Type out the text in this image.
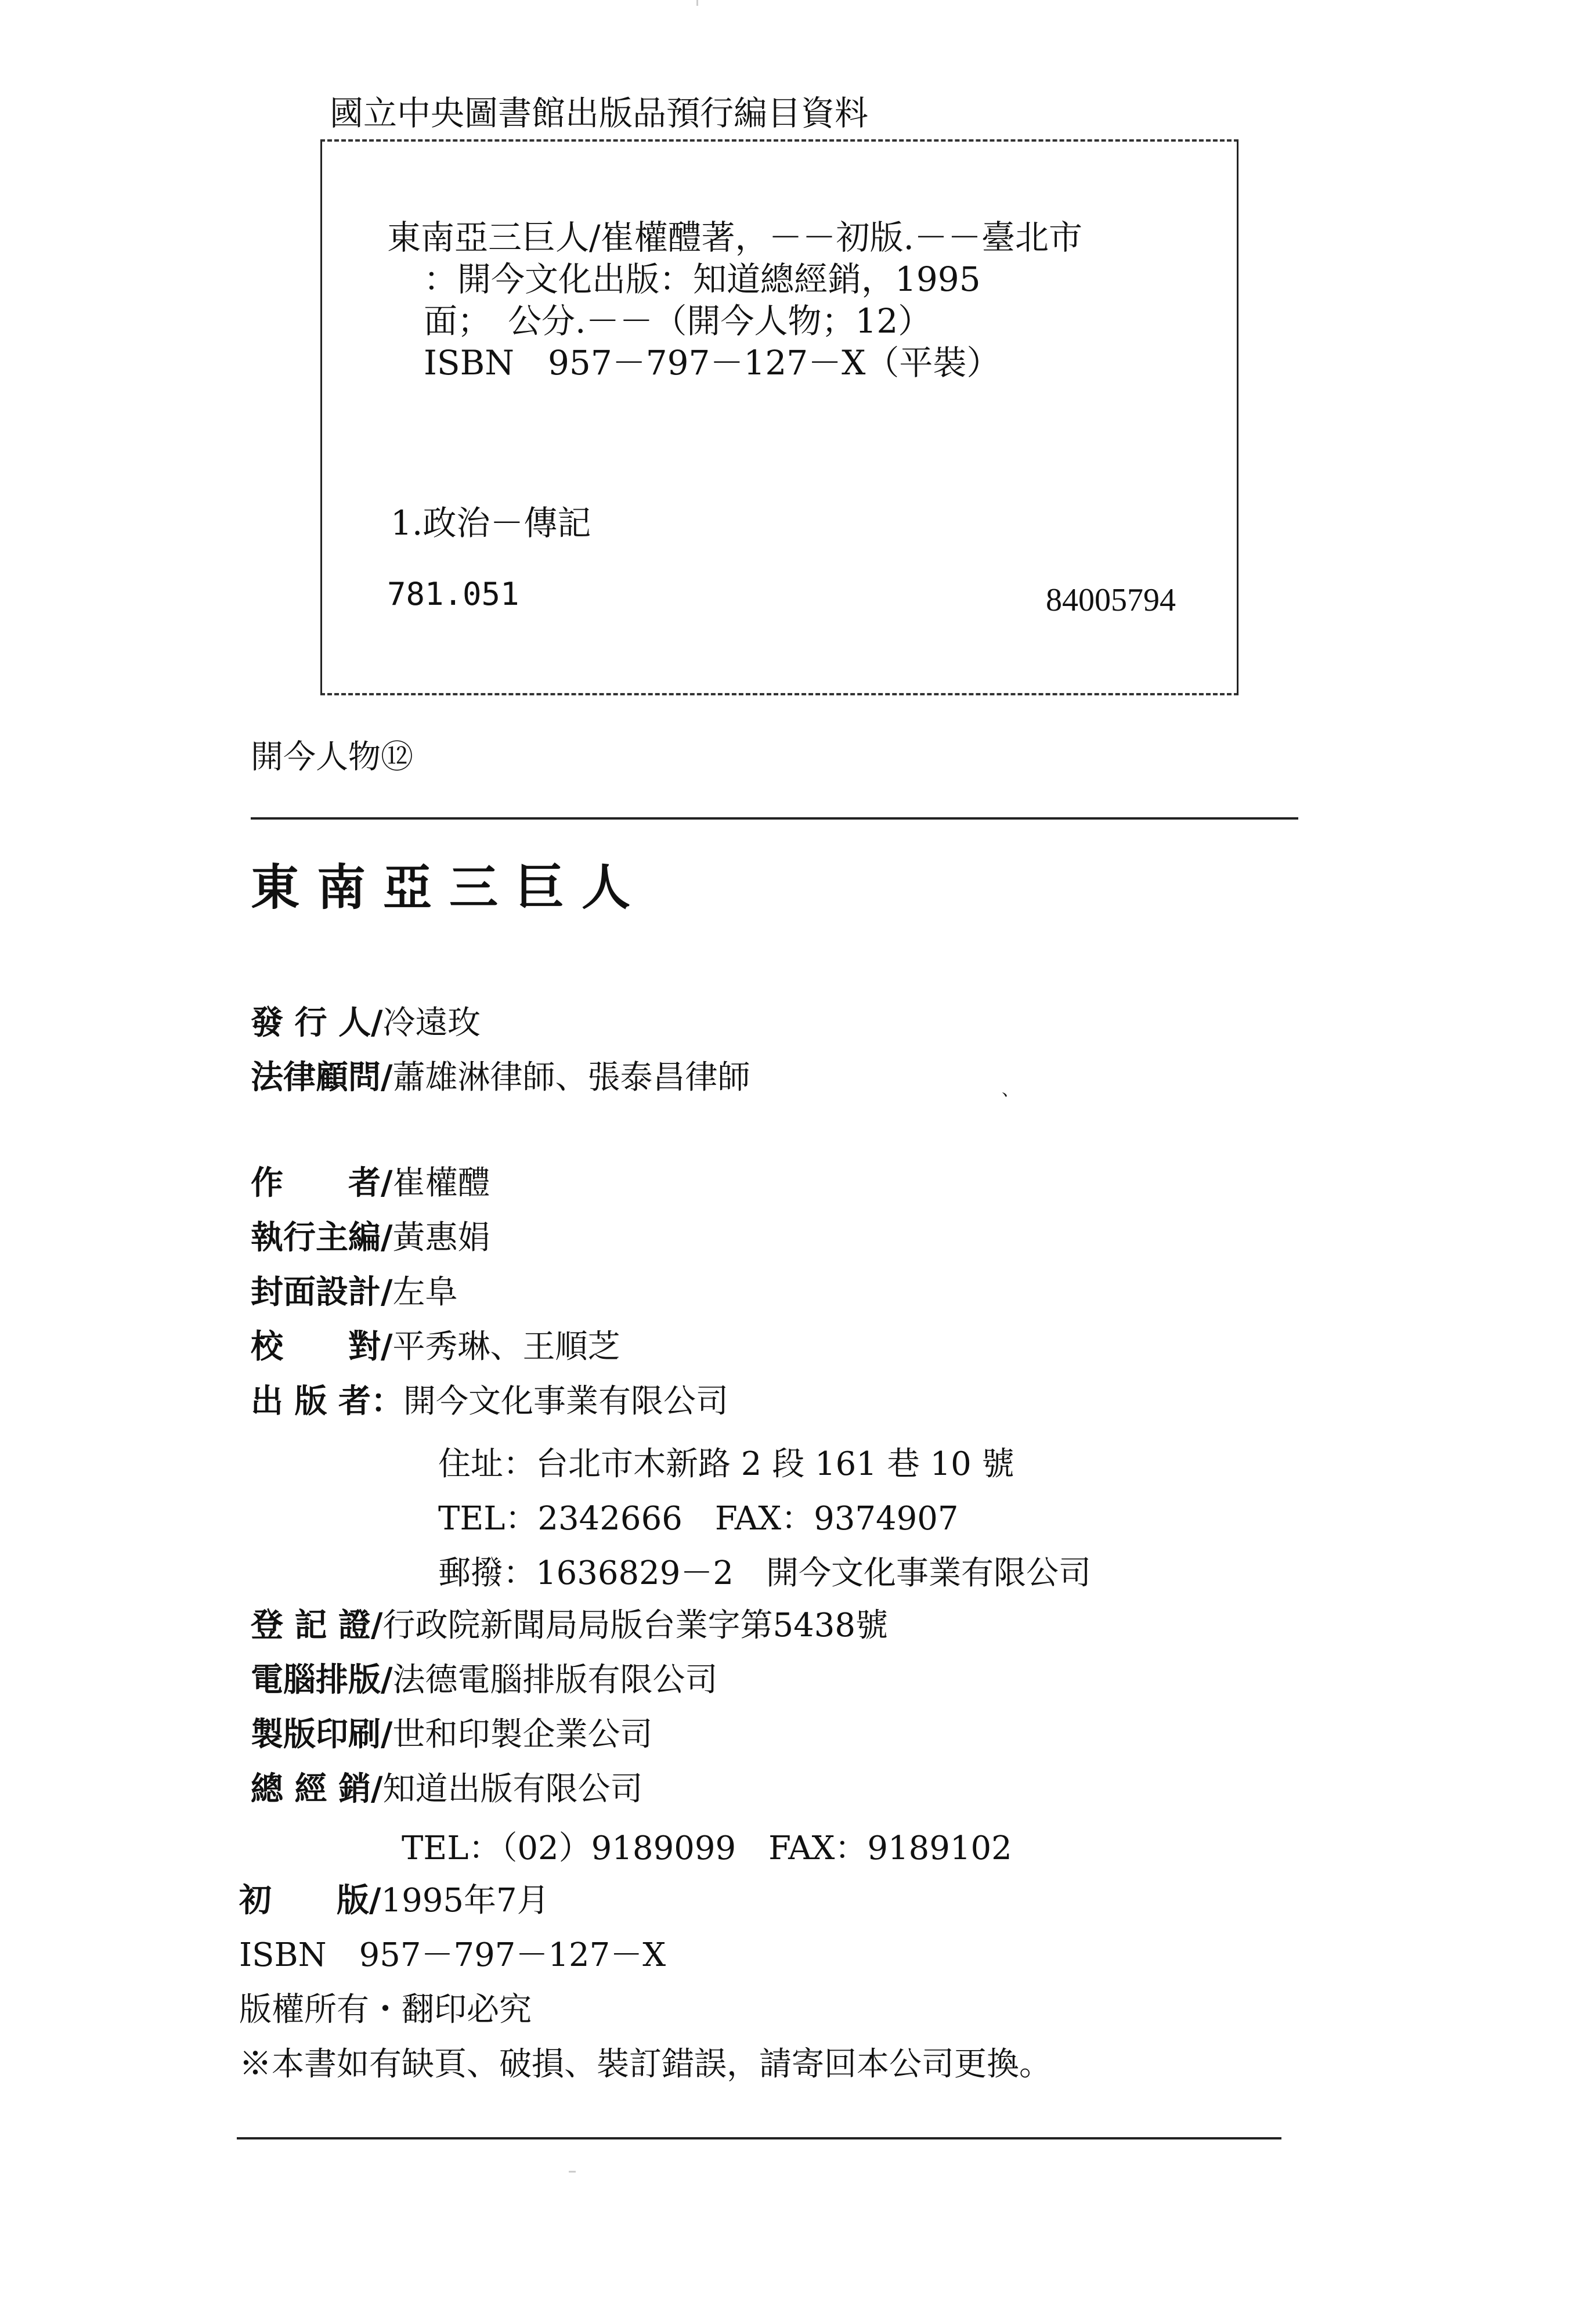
國立中央圖書館出版品預行編目資料
東南亞三巨人/崔權醴著，－－初版.－－臺北市
：開今文化出版：知道總經銷，1995
面；　公分.－－（開今人物；12）
ISBN　957－797－127－X（平裝）
1.政治－傳記
781.051	84005794
開今人物⑫
東南亞三巨人
發 行 人/冷遠玫
法律顧問/蕭雄淋律師、張泰昌律師	、
作　　者/崔權醴
執行主編/黃惠娟
封面設計/左阜
校　　對/平秀琳、王順芝
出 版 者：開今文化事業有限公司
住址：台北市木新路 2 段 161 巷 10 號
TEL：2342666　FAX：9374907
郵撥：1636829－2　開今文化事業有限公司
登 記 證/行政院新聞局局版台業字第5438號
電腦排版/法德電腦排版有限公司
製版印刷/世和印製企業公司
總 經 銷/知道出版有限公司
TEL：（02）9189099　FAX：9189102
初　　版/1995年7月
ISBN　957－797－127－X
版權所有・翻印必究
※本書如有缺頁、破損、裝訂錯誤，請寄回本公司更換。
